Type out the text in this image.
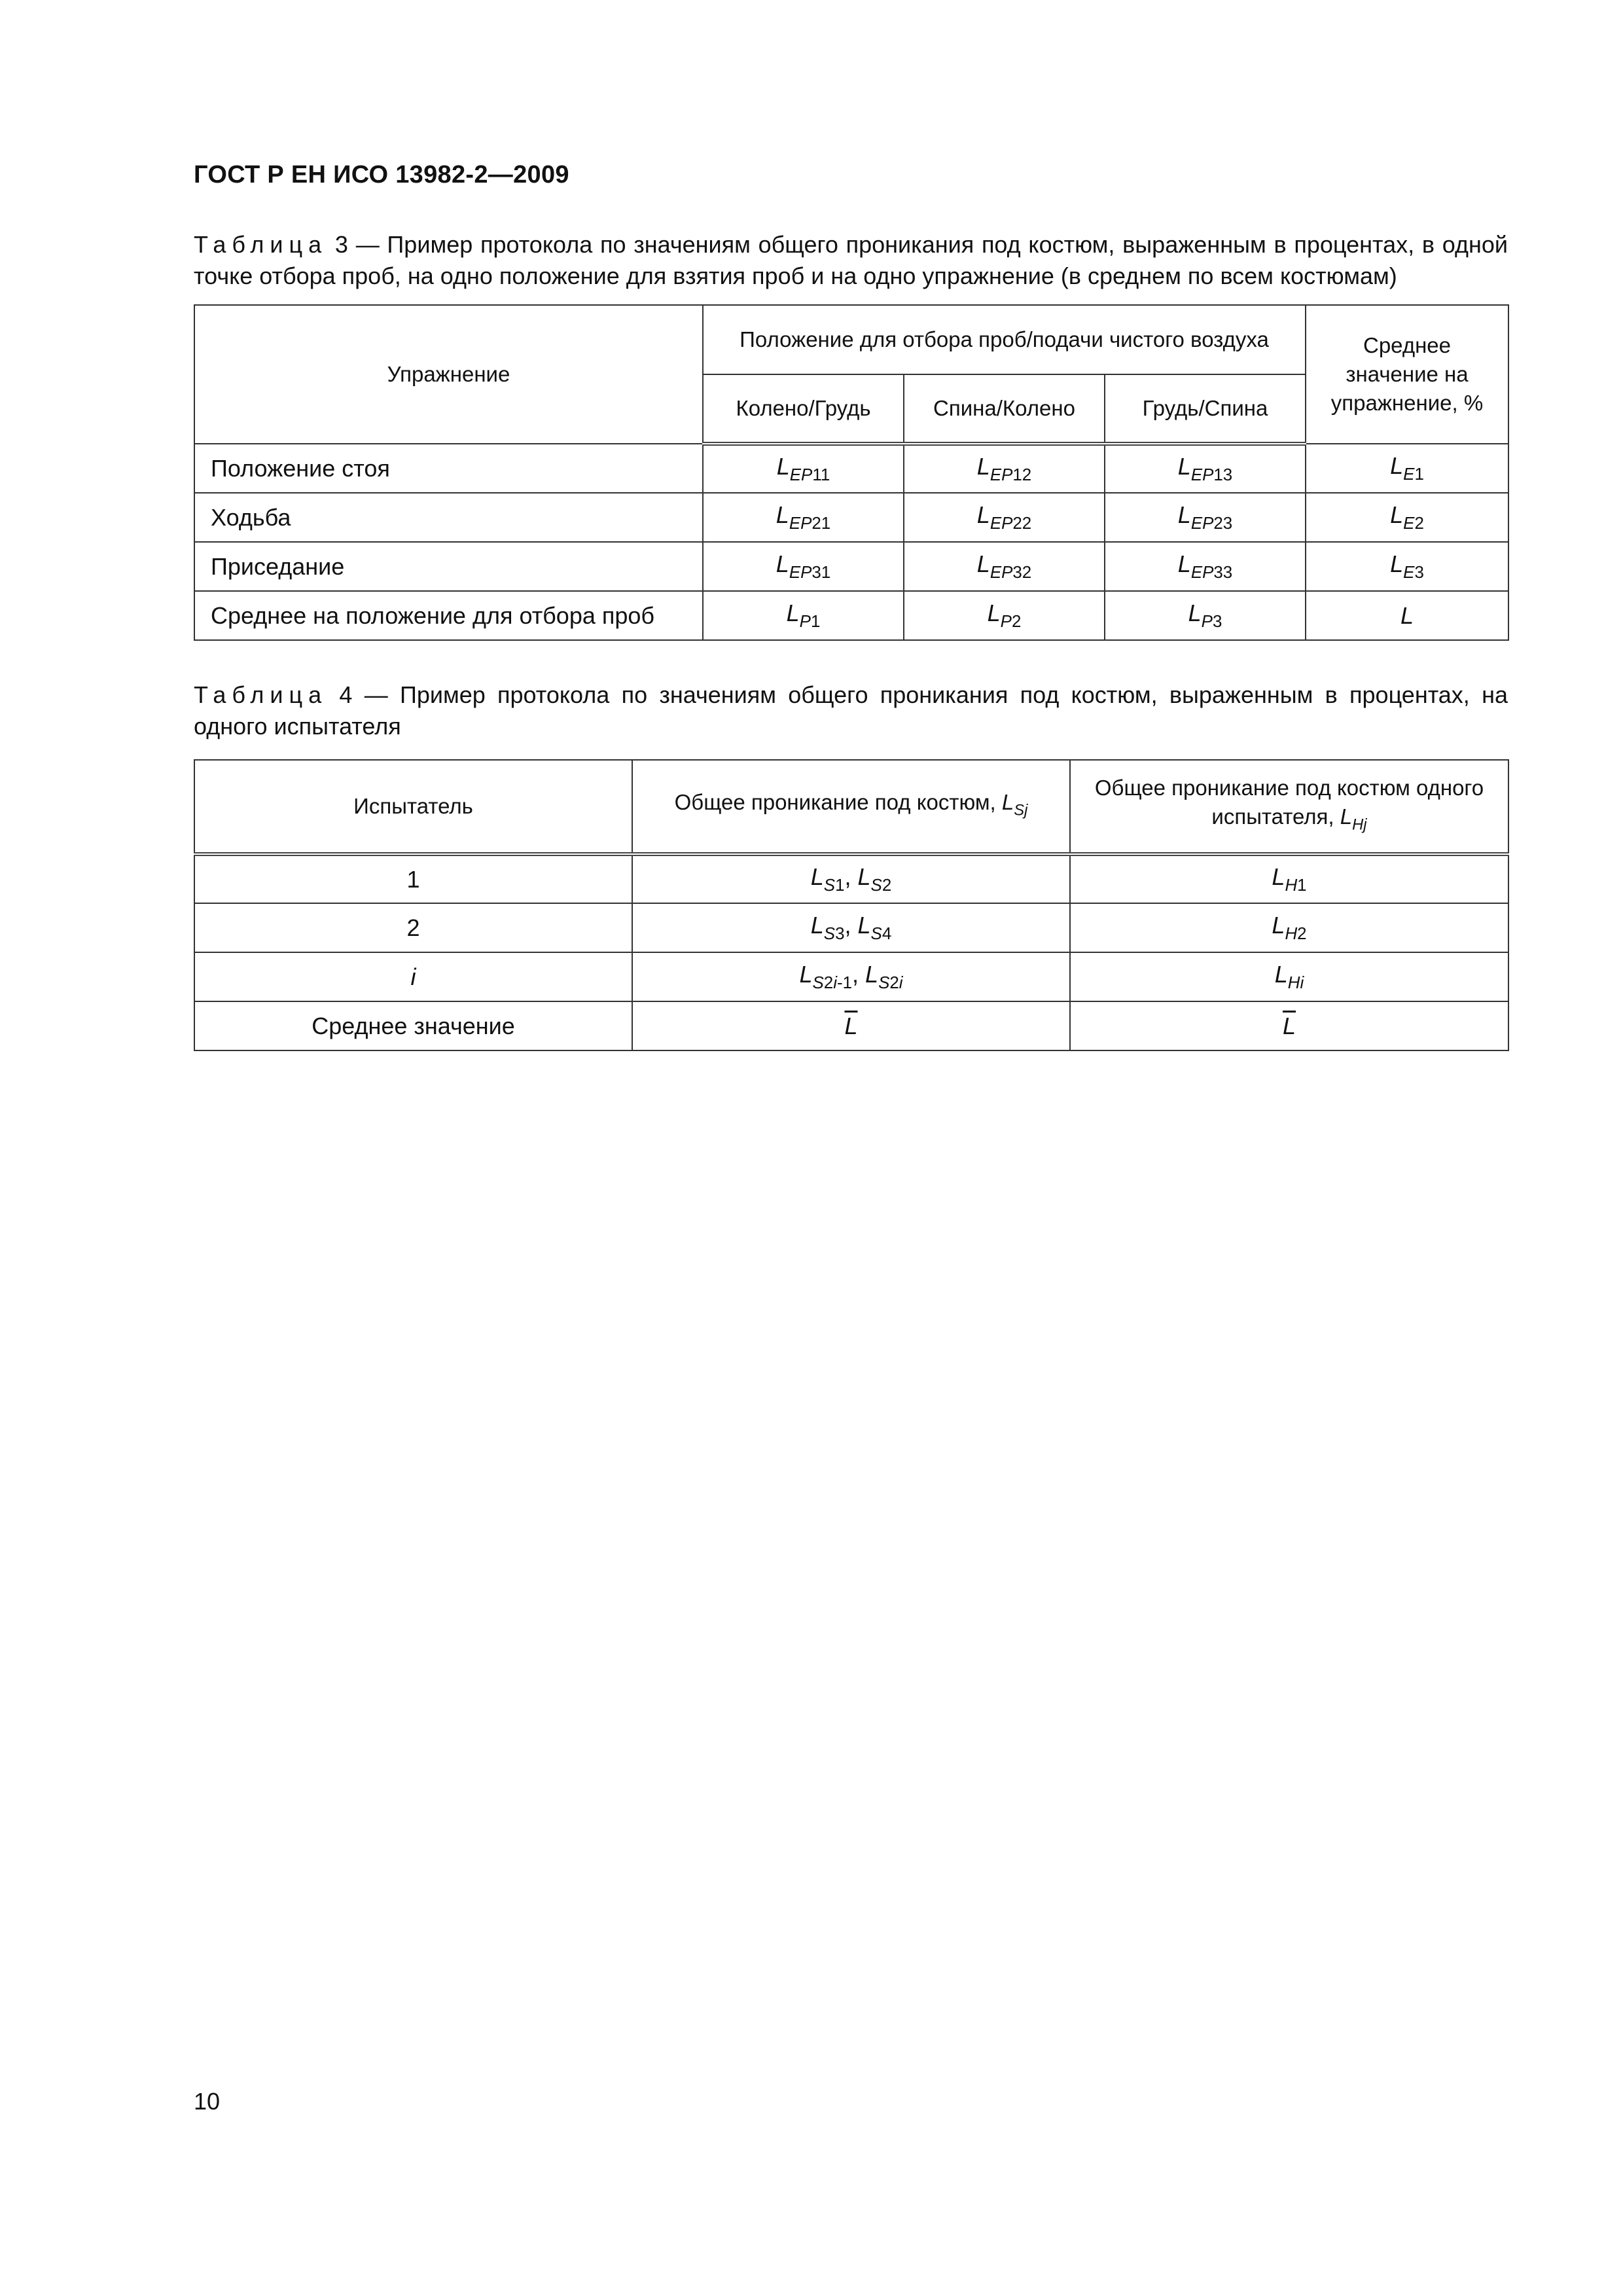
ГОСТ Р ЕН ИСО 13982-2—2009
Таблица 3 — Пример протокола по значениям общего проникания под костюм, выраженным в процентах, в одной точке отбора проб, на одно положение для взятия проб и на одно упражнение (в среднем по всем костюмам)
Упражнение	Положение для отбора проб/подачи чистого воздуха			Среднее значение на упражнение, %
	Колено/Грудь	Спина/Колено	Грудь/Спина	
Положение стоя	$L_{EP11}$	$L_{EP12}$	$L_{EP13}$	$L_{E1}$
Ходьба	$L_{EP21}$	$L_{EP22}$	$L_{EP23}$	$L_{E2}$
Приседание	$L_{EP31}$	$L_{EP32}$	$L_{EP33}$	$L_{E3}$
Среднее на положение для отбора проб	$L_{P1}$	$L_{P2}$	$L_{P3}$	L
Таблица 4 — Пример протокола по значениям общего проникания под костюм, выраженным в процентах, на одного испытателя
Испытатель	Общее проникание под костюм, $L_{Sj}$	Общее проникание под костюм одного испытателя, $L_{Hj}$
1	$L_{S1}$, $L_{S2}$	$L_{H1}$
2	$L_{S3}$, $L_{S4}$	$L_{H2}$
i	$L_{S2i-1}$, $L_{S2i}$	$L_{Hi}$
Среднее значение	$\overline{L}$	$\overline{L}$
10
